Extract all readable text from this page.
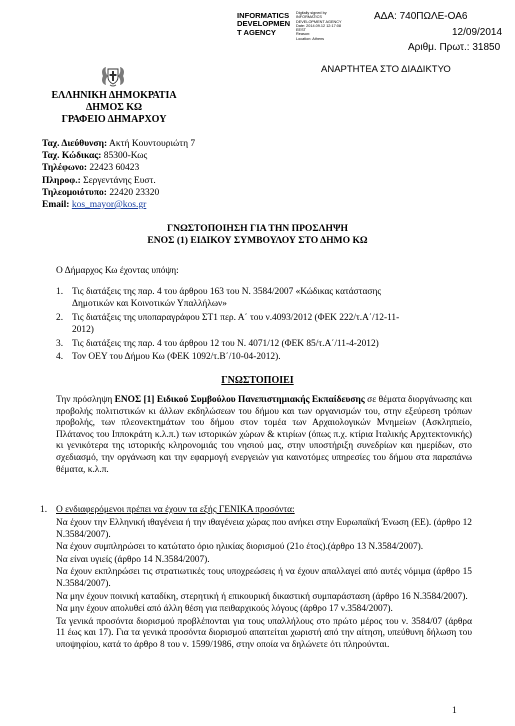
ΑΔΑ: 740ΠΩΛΕ-ΟΑ6
12/09/2014
Αριθμ. Πρωτ.: 31850
ΑΝΑΡΤΗΤΕΑ ΣΤΟ ΔΙΑΔΙΚΤΥΟ
INFORMATICS
DEVELOPMEN
T AGENCY
Digitally signed by
INFORMATICS
DEVELOPMENT AGENCY
Date: 2014.09.12 12:17:08
EEST
Reason:
Location: Athens
ΕΛΛΗΝΙΚΗ ΔΗΜΟΚΡΑΤΙΑ
ΔΗΜΟΣ ΚΩ
ΓΡΑΦΕΙΟ ΔΗΜΑΡΧΟΥ
Ταχ. Διεύθυνση: Ακτή Κουντουριώτη 7
Ταχ. Κώδικας: 85300-Κως
Τηλέφωνο: 22423 60423
Πληροφ.: Σεργεντάνης Ευστ.
Τηλεομοιότυπο: 22420 23320
Email: kos_mayor@kos.gr
ΓΝΩΣΤΟΠΟΙΗΣΗ ΓΙΑ ΤΗΝ ΠΡΟΣΛΗΨΗ
ΕΝΟΣ (1) ΕΙΔΙΚΟΥ ΣΥΜΒΟΥΛΟΥ ΣΤΟ ΔΗΜΟ ΚΩ
Ο Δήμαρχος Κω έχοντας υπόψη:
1. Τις διατάξεις της παρ. 4 του άρθρου 163 του Ν. 3584/2007 «Κώδικας κατάστασης
Δημοτικών και Κοινοτικών Υπαλλήλων»
2. Τις διατάξεις της υποπαραγράφου ΣΤ1 περ. Α΄ του ν.4093/2012 (ΦΕΚ 222/τ.Α΄/12-11-
2012)
3. Τις διατάξεις της παρ. 4 του άρθρου 12 του Ν. 4071/12 (ΦΕΚ 85/τ.Α΄/11-4-2012)
4. Τον ΟΕΥ του Δήμου Κω (ΦΕΚ 1092/τ.Β΄/10-04-2012).
ΓΝΩΣΤΟΠΟΙΕΙ
Την πρόσληψη ΕΝΟΣ [1] Ειδικού Συμβούλου Πανεπιστημιακής Εκπαίδευσης σε θέματα διοργάνωσης και προβολής πολιτιστικών κι άλλων εκδηλώσεων του δήμου και των οργανισμών του, στην εξεύρεση τρόπων προβολής, των πλεονεκτημάτων του δήμου στον τομέα των Αρχαιολογικών Μνημείων (Ασκληπιείο, Πλάτανος του Ιπποκράτη κ.λ.π.) των ιστορικών χώρων & κτιρίων (όπως π.χ. κτίρια Ιταλικής Αρχιτεκτονικής) κι γενικότερα της ιστορικής κληρονομιάς του νησιού μας, στην υποστήριξη συνεδρίων και ημερίδων, στο σχεδιασμό, την οργάνωση και την εφαρμογή ενεργειών για καινοτόμες υπηρεσίες του δήμου στα παραπάνω θέματα, κ.λ.π.
1. Ο ενδιαφερόμενοι πρέπει να έχουν τα εξής ΓΕΝΙΚΑ προσόντα:
Να έχουν την Ελληνική ιθαγένεια ή την ιθαγένεια χώρας που ανήκει στην Ευρωπαϊκή Ένωση (ΕΕ). (άρθρο 12 Ν.3584/2007).
Να έχουν συμπληρώσει το κατώτατο όριο ηλικίας διορισμού (21ο έτος).(άρθρο 13 Ν.3584/2007).
Να είναι υγιείς (άρθρο 14 Ν.3584/2007).
Να έχουν εκπληρώσει τις στρατιωτικές τους υποχρεώσεις ή να έχουν απαλλαγεί από αυτές νόμιμα (άρθρο 15 Ν.3584/2007).
Να μην έχουν ποινική καταδίκη, στερητική ή επικουρική δικαστική συμπαράσταση (άρθρο 16 Ν.3584/2007).
Να μην έχουν απολυθεί από άλλη θέση για πειθαρχικούς λόγους (άρθρο 17 ν.3584/2007).
Τα γενικά προσόντα διορισμού προβλέπονται για τους υπαλλήλους στο πρώτο μέρος του ν. 3584/07 (άρθρα 11 έως και 17). Για τα γενικά προσόντα διορισμού απαιτείται χωριστή από την αίτηση, υπεύθυνη δήλωση του υποψηφίου, κατά το άρθρο 8 του ν. 1599/1986, στην οποία να δηλώνετε ότι πληρούνται.
1
